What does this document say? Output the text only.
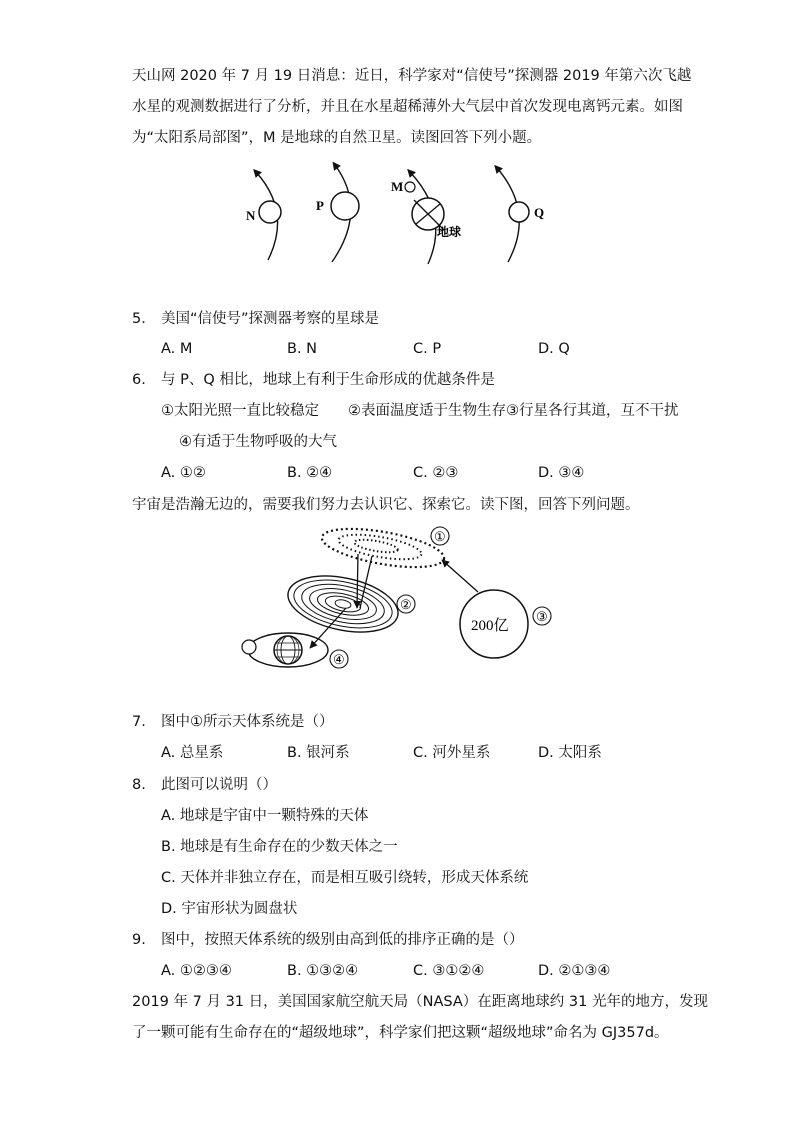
天山网 2020 年 7 月 19 日消息：近日，科学家对“信使号”探测器 2019 年第六次飞越
水星的观测数据进行了分析，并且在水星超稀薄外大气层中首次发现电离钙元素。如图
为“太阳系局部图”，M 是地球的自然卫星。读图回答下列小题。
N
P
M
地球
Q
5. 美国“信使号”探测器考察的星球是
A. M	B. N	C. P	D. Q
6. 与 P、Q 相比，地球上有利于生命形成的优越条件是
①太阳光照一直比较稳定　　②表面温度适于生物生存③行星各行其道，互不干扰
④有适于生物呼吸的大气
A. ①②	B. ②④	C. ②③	D. ③④
宇宙是浩瀚无边的，需要我们努力去认识它、探索它。读下图，回答下列问题。
①
②
200亿
③
④
7. 图中①所示天体系统是（）
A. 总星系	B. 银河系	C. 河外星系	D. 太阳系
8. 此图可以说明（）
A. 地球是宇宙中一颗特殊的天体
B. 地球是有生命存在的少数天体之一
C. 天体并非独立存在，而是相互吸引绕转，形成天体系统
D. 宇宙形状为圆盘状
9. 图中，按照天体系统的级别由高到低的排序正确的是（）
A. ①②③④	B. ①③②④	C. ③①②④	D. ②①③④
2019 年 7 月 31 日，美国国家航空航天局（NASA）在距离地球约 31 光年的地方，发现
了一颗可能有生命存在的“超级地球”，科学家们把这颗“超级地球”命名为 GJ357d。
